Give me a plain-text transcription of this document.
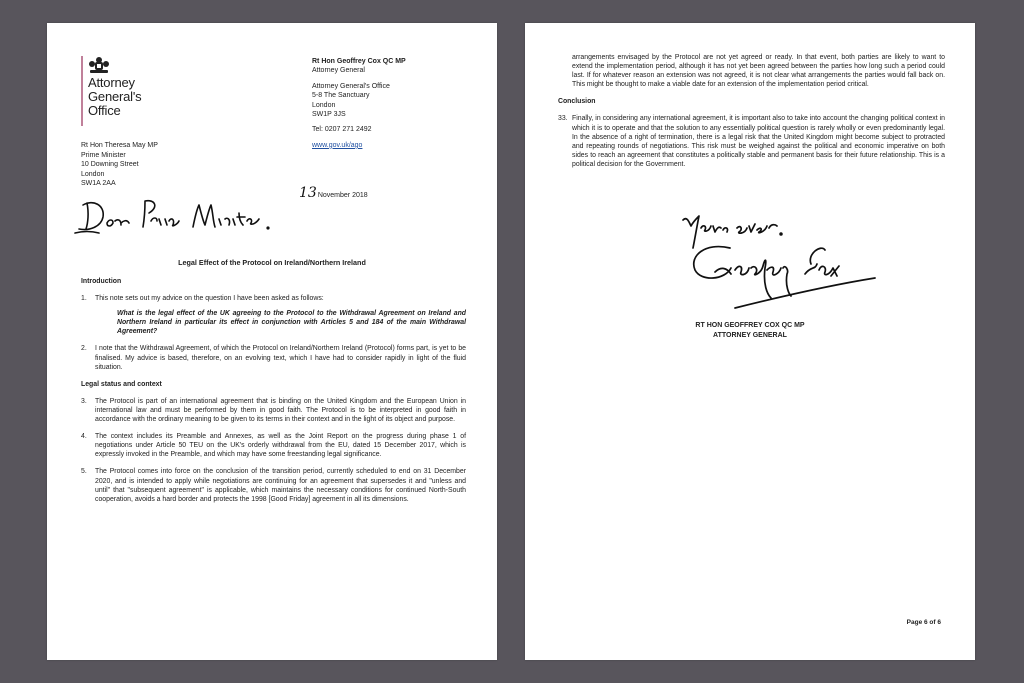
Attorney
General's
Office
Rt Hon Geoffrey Cox QC MP
Attorney General
Attorney General's Office
5-8 The Sanctuary
London
SW1P 3JS
Tel: 0207 271 2492
www.gov.uk/ago
Rt Hon Theresa May MP
Prime Minister
10 Downing Street
London
SW1A 2AA
13November 2018
Legal Effect of the Protocol on Ireland/Northern Ireland
Introduction
1.	This note sets out my advice on the question I have been asked as follows:
What is the legal effect of the UK agreeing to the Protocol to the Withdrawal Agreement on Ireland and Northern Ireland in particular its effect in conjunction with Articles 5 and 184 of the main Withdrawal Agreement?
2.	I note that the Withdrawal Agreement, of which the Protocol on Ireland/Northern Ireland (Protocol) forms part, is yet to be finalised. My advice is based, therefore, on an evolving text, which I have had to consider rapidly in light of the fluid situation.
Legal status and context
3.	The Protocol is part of an international agreement that is binding on the United Kingdom and the European Union in international law and must be performed by them in good faith. The Protocol is to be interpreted in good faith in accordance with the ordinary meaning to be given to its terms in their context and in the light of its object and purpose.
4.	The context includes its Preamble and Annexes, as well as the Joint Report on the progress during phase 1 of negotiations under Article 50 TEU on the UK's orderly withdrawal from the EU, dated 15 December 2017, which is expressly invoked in the Preamble, and which may have some freestanding legal significance.
5.	The Protocol comes into force on the conclusion of the transition period, currently scheduled to end on 31 December 2020, and is intended to apply while negotiations are continuing for an agreement that supersedes it and "unless and until" that "subsequent agreement" is applicable, which maintains the necessary conditions for continued North-South cooperation, avoids a hard border and protects the 1998 [Good Friday] agreement in all its dimensions.
arrangements envisaged by the Protocol are not yet agreed or ready. In that event, both parties are likely to want to extend the implementation period, although it has not yet been agreed between the parties how long such a period could last. If for whatever reason an extension was not agreed, it is not clear what arrangements the parties would fall back on. This might be thought to make a viable date for an extension of the implementation period critical.
Conclusion
33. Finally, in considering any international agreement, it is important also to take into account the changing political context in which it is to operate and that the solution to any essentially political question is rarely wholly or even predominantly legal. In the absence of a right of termination, there is a legal risk that the United Kingdom might become subject to protracted and repeating rounds of negotiations. This risk must be weighed against the political and economic imperative on both sides to reach an agreement that constitutes a politically stable and permanent basis for their future relationship. This is a political decision for the Government.
RT HON GEOFFREY COX QC MP
ATTORNEY GENERAL
Page 6 of 6
